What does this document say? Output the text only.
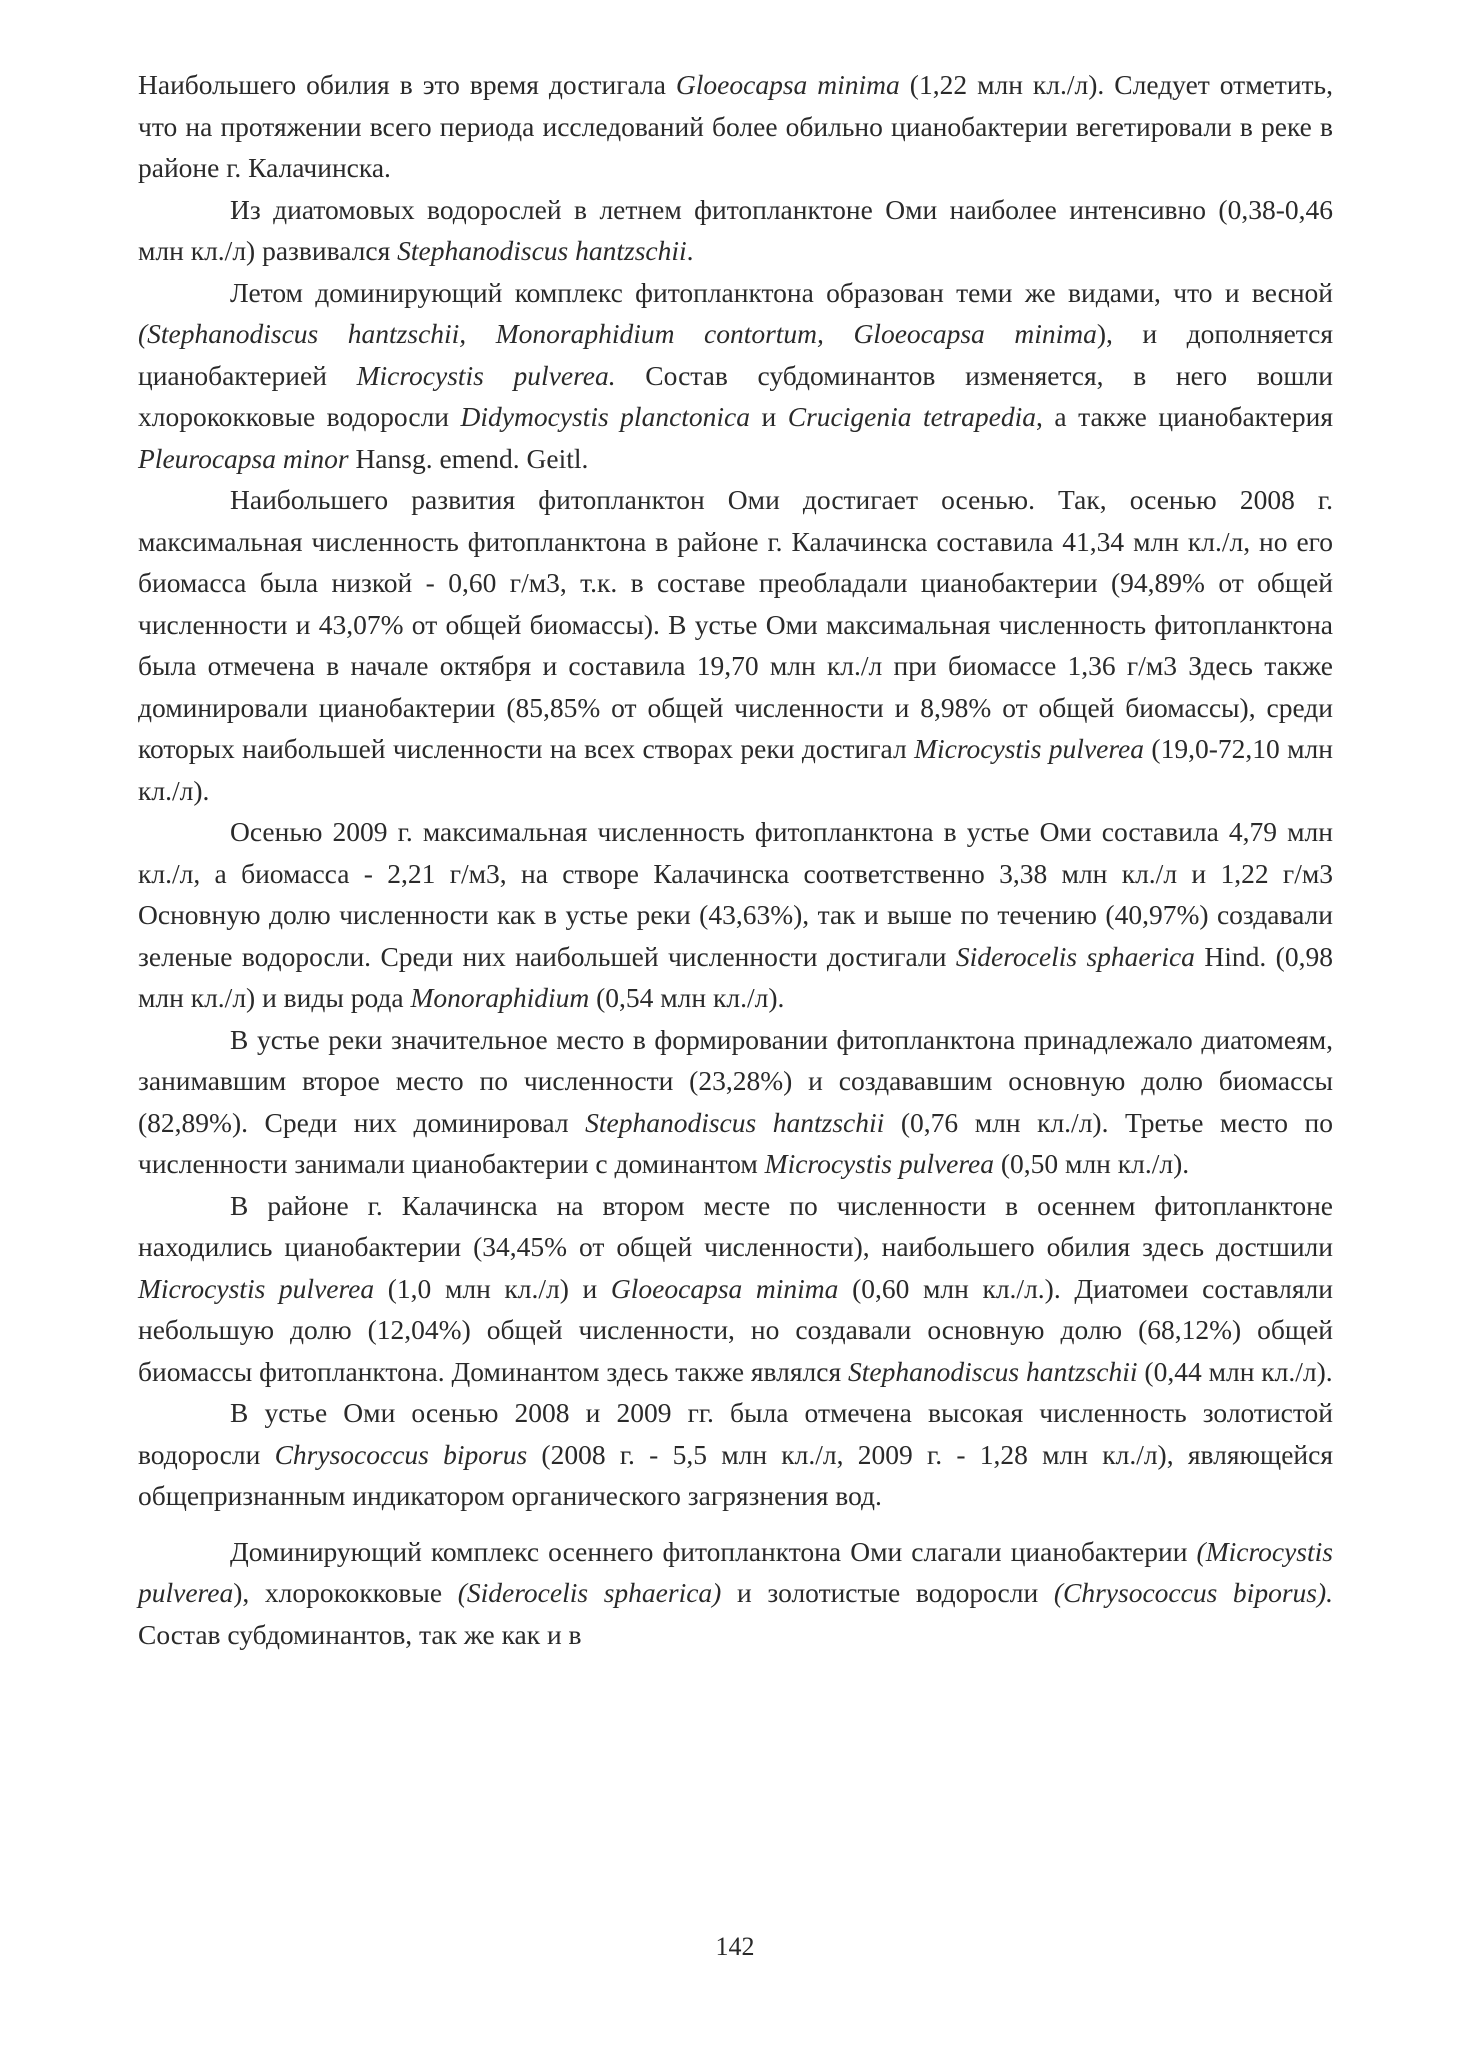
Наибольшего обилия в это время достигала Gloeocapsa minima (1,22 млн кл./л). Следует отметить, что на протяжении всего периода исследований более обильно цианобактерии вегетировали в реке в районе г. Калачинска.

Из диатомовых водорослей в летнем фитопланктоне Оми наиболее интенсивно (0,38-0,46 млн кл./л) развивался Stephanodiscus hantzschii.

Летом доминирующий комплекс фитопланктона образован теми же видами, что и весной (Stephanodiscus hantzschii, Monoraphidium contortum, Gloeocapsa minima), и дополняется цианобактерией Microcystis pulverea. Состав субдоминантов изменяется, в него вошли хлорококковые водоросли Didymocystis planctonica и Crucigenia tetrapedia, а также цианобактерия Pleurocapsa minor Hansg. emend. Geitl.

Наибольшего развития фитопланктон Оми достигает осенью. Так, осенью 2008 г. максимальная численность фитопланктона в районе г. Калачинска составила 41,34 млн кл./л, но его биомасса была низкой - 0,60 г/м3, т.к. в составе преобладали цианобактерии (94,89% от общей численности и 43,07% от общей биомассы). В устье Оми максимальная численность фитопланктона была отмечена в начале октября и составила 19,70 млн кл./л при биомассе 1,36 г/м3 Здесь также доминировали цианобактерии (85,85% от общей численности и 8,98% от общей биомассы), среди которых наибольшей численности на всех створах реки достигал Microcystis pulverea (19,0-72,10 млн кл./л).

Осенью 2009 г. максимальная численность фитопланктона в устье Оми составила 4,79 млн кл./л, а биомасса - 2,21 г/м3, на створе Калачинска соответственно 3,38 млн кл./л и 1,22 г/м3 Основную долю численности как в устье реки (43,63%), так и выше по течению (40,97%) создавали зеленые водоросли. Среди них наибольшей численности достигали Siderocelis sphaerica Hind. (0,98 млн кл./л) и виды рода Monoraphidium (0,54 млн кл./л).

В устье реки значительное место в формировании фитопланктона принадлежало диатомеям, занимавшим второе место по численности (23,28%) и создававшим основную долю биомассы (82,89%). Среди них доминировал Stephanodiscus hantzschii (0,76 млн кл./л). Третье место по численности занимали цианобактерии с доминантом Microcystis pulverea (0,50 млн кл./л).

В районе г. Калачинска на втором месте по численности в осеннем фитопланктоне находились цианобактерии (34,45% от общей численности), наибольшего обилия здесь достшили Microcystis pulverea (1,0 млн кл./л) и Gloeocapsa minima (0,60 млн кл./л.). Диатомеи составляли небольшую долю (12,04%) общей численности, но создавали основную долю (68,12%) общей биомассы фитопланктона. Доминантом здесь также являлся Stephanodiscus hantzschii (0,44 млн кл./л).

В устье Оми осенью 2008 и 2009 гг. была отмечена высокая численность золотистой водоросли Chrysococcus biporus (2008 г. - 5,5 млн кл./л, 2009 г. - 1,28 млн кл./л), являющейся общепризнанным индикатором органического загрязнения вод.

Доминирующий комплекс осеннего фитопланктона Оми слагали цианобактерии (Microcystis pulverea), хлорококковые (Siderocelis sphaerica) и золотистые водоросли (Chrysococcus biporus). Состав субдоминантов, так же как и в

142
